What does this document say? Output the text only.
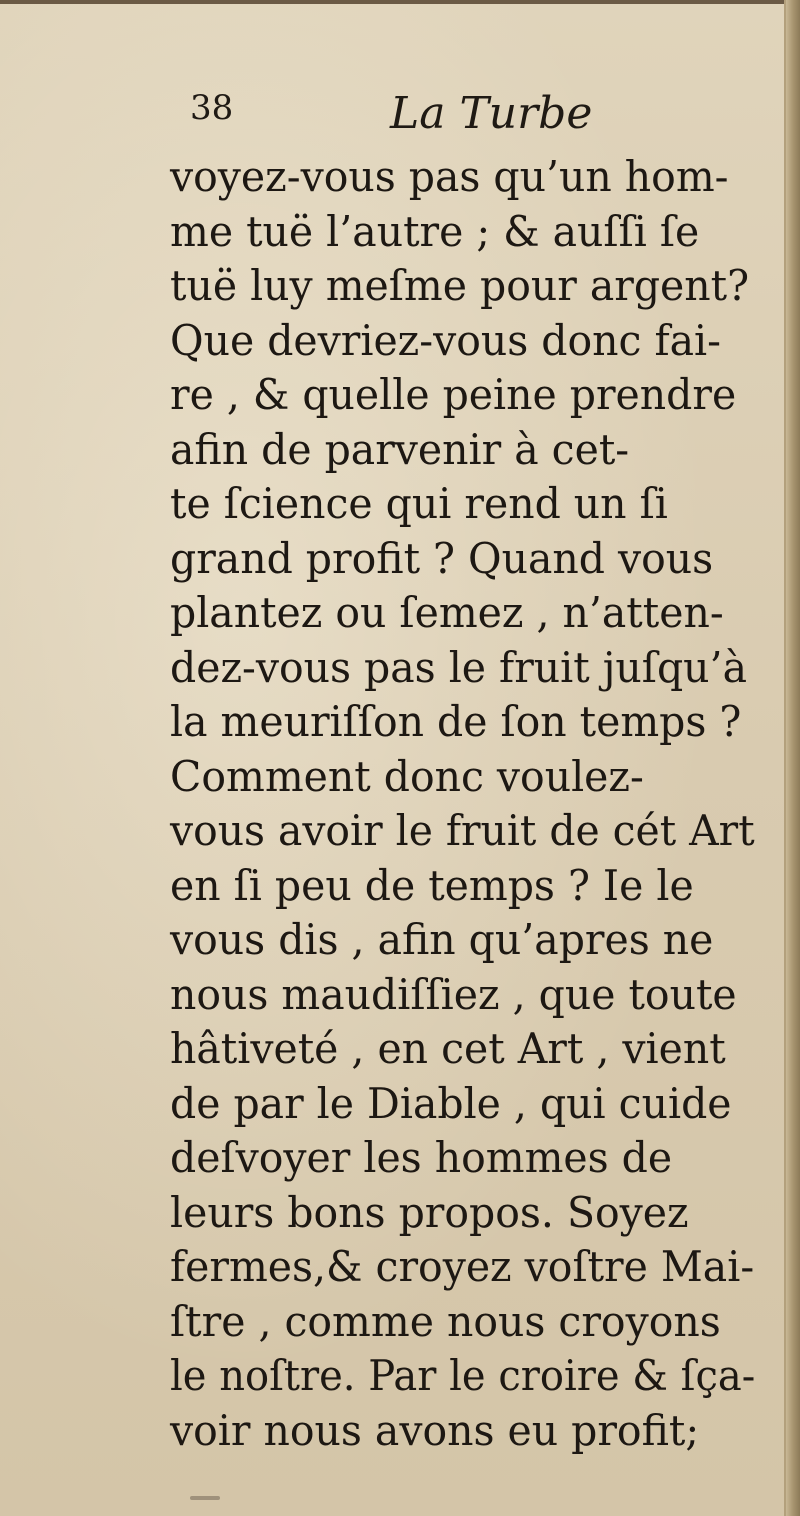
38	La Turbe
voyez-vous pas qu’un hom-
me tuë l’autre ; & auſſi ſe
tuë luy meſme pour argent?
Que devriez-vous donc fai-
re , & quelle peine prendre
afin de parvenir à cet-
te ſcience qui rend un ſi
grand profit ? Quand vous
plantez ou ſemez , n’atten-
dez-vous pas le fruit juſqu’à
la meuriſſon de ſon temps ?
Comment donc voulez-
vous avoir le fruit de cét Art
en ſi peu de temps ? Ie le
vous dis , afin qu’apres ne
nous maudiſſiez , que toute
hâtiveté , en cet Art , vient
de par le Diable , qui cuide
deſvoyer les hommes de
leurs bons propos. Soyez
fermes,& croyez voſtre Mai-
ſtre , comme nous croyons
le noſtre. Par le croire & ſça-
voir nous avons eu profit;
